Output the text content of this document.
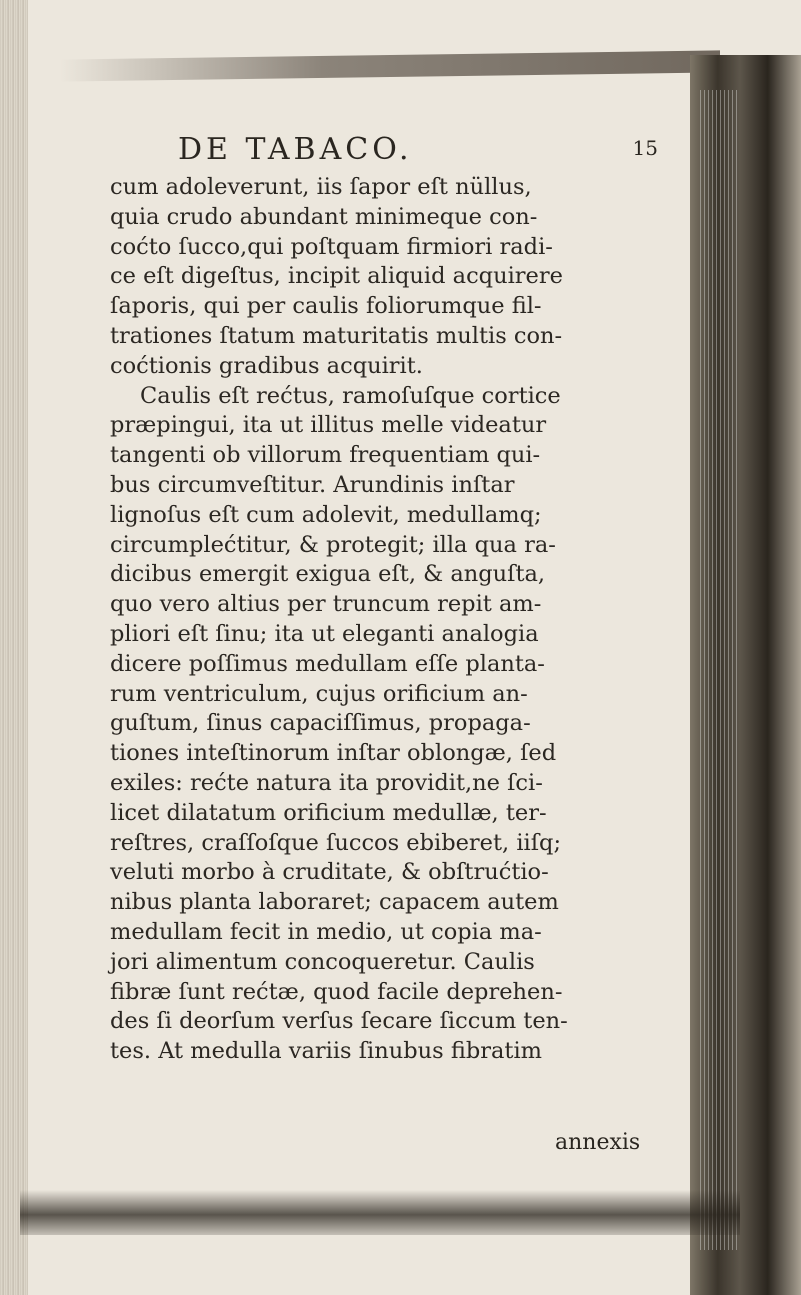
DE TABACO.	15
cum adoleverunt, iis ſapor eſt nüllus,
quia crudo abundant minimeque con-
coćto ſucco,qui poſtquam firmiori radi-
ce eſt digeſtus, incipit aliquid acquirere
ſaporis, qui per caulis foliorumque fil-
trationes ſtatum maturitatis multis con-
coćtionis gradibus acquirit.
Caulis eſt rećtus, ramoſuſque cortice
præpingui, ita ut illitus melle videatur
tangenti ob villorum frequentiam qui-
bus circumveſtitur. Arundinis inſtar
lignoſus eſt cum adolevit, medullamq;
circumplećtitur, & protegit; illa qua ra-
dicibus emergit exigua eſt, & anguſta,
quo vero altius per truncum repit am-
pliori eſt ſinu; ita ut eleganti analogia
dicere poſſimus medullam eſſe planta-
rum ventriculum, cujus orificium an-
guſtum, ſinus capaciſſimus, propaga-
tiones inteſtinorum inſtar oblongæ, ſed
exiles: rećte natura ita providit,ne ſci-
licet dilatatum orificium medullæ, ter-
reſtres, craſſoſque ſuccos ebiberet, iiſq;
veluti morbo à cruditate, & obſtrućtio-
nibus planta laboraret; capacem autem
medullam fecit in medio, ut copia ma-
jori alimentum concoqueretur. Caulis
fibræ ſunt rećtæ, quod facile deprehen-
des ſi deorſum verſus ſecare ſiccum ten-
tes. At medulla variis ſinubus fibratim
annexis
